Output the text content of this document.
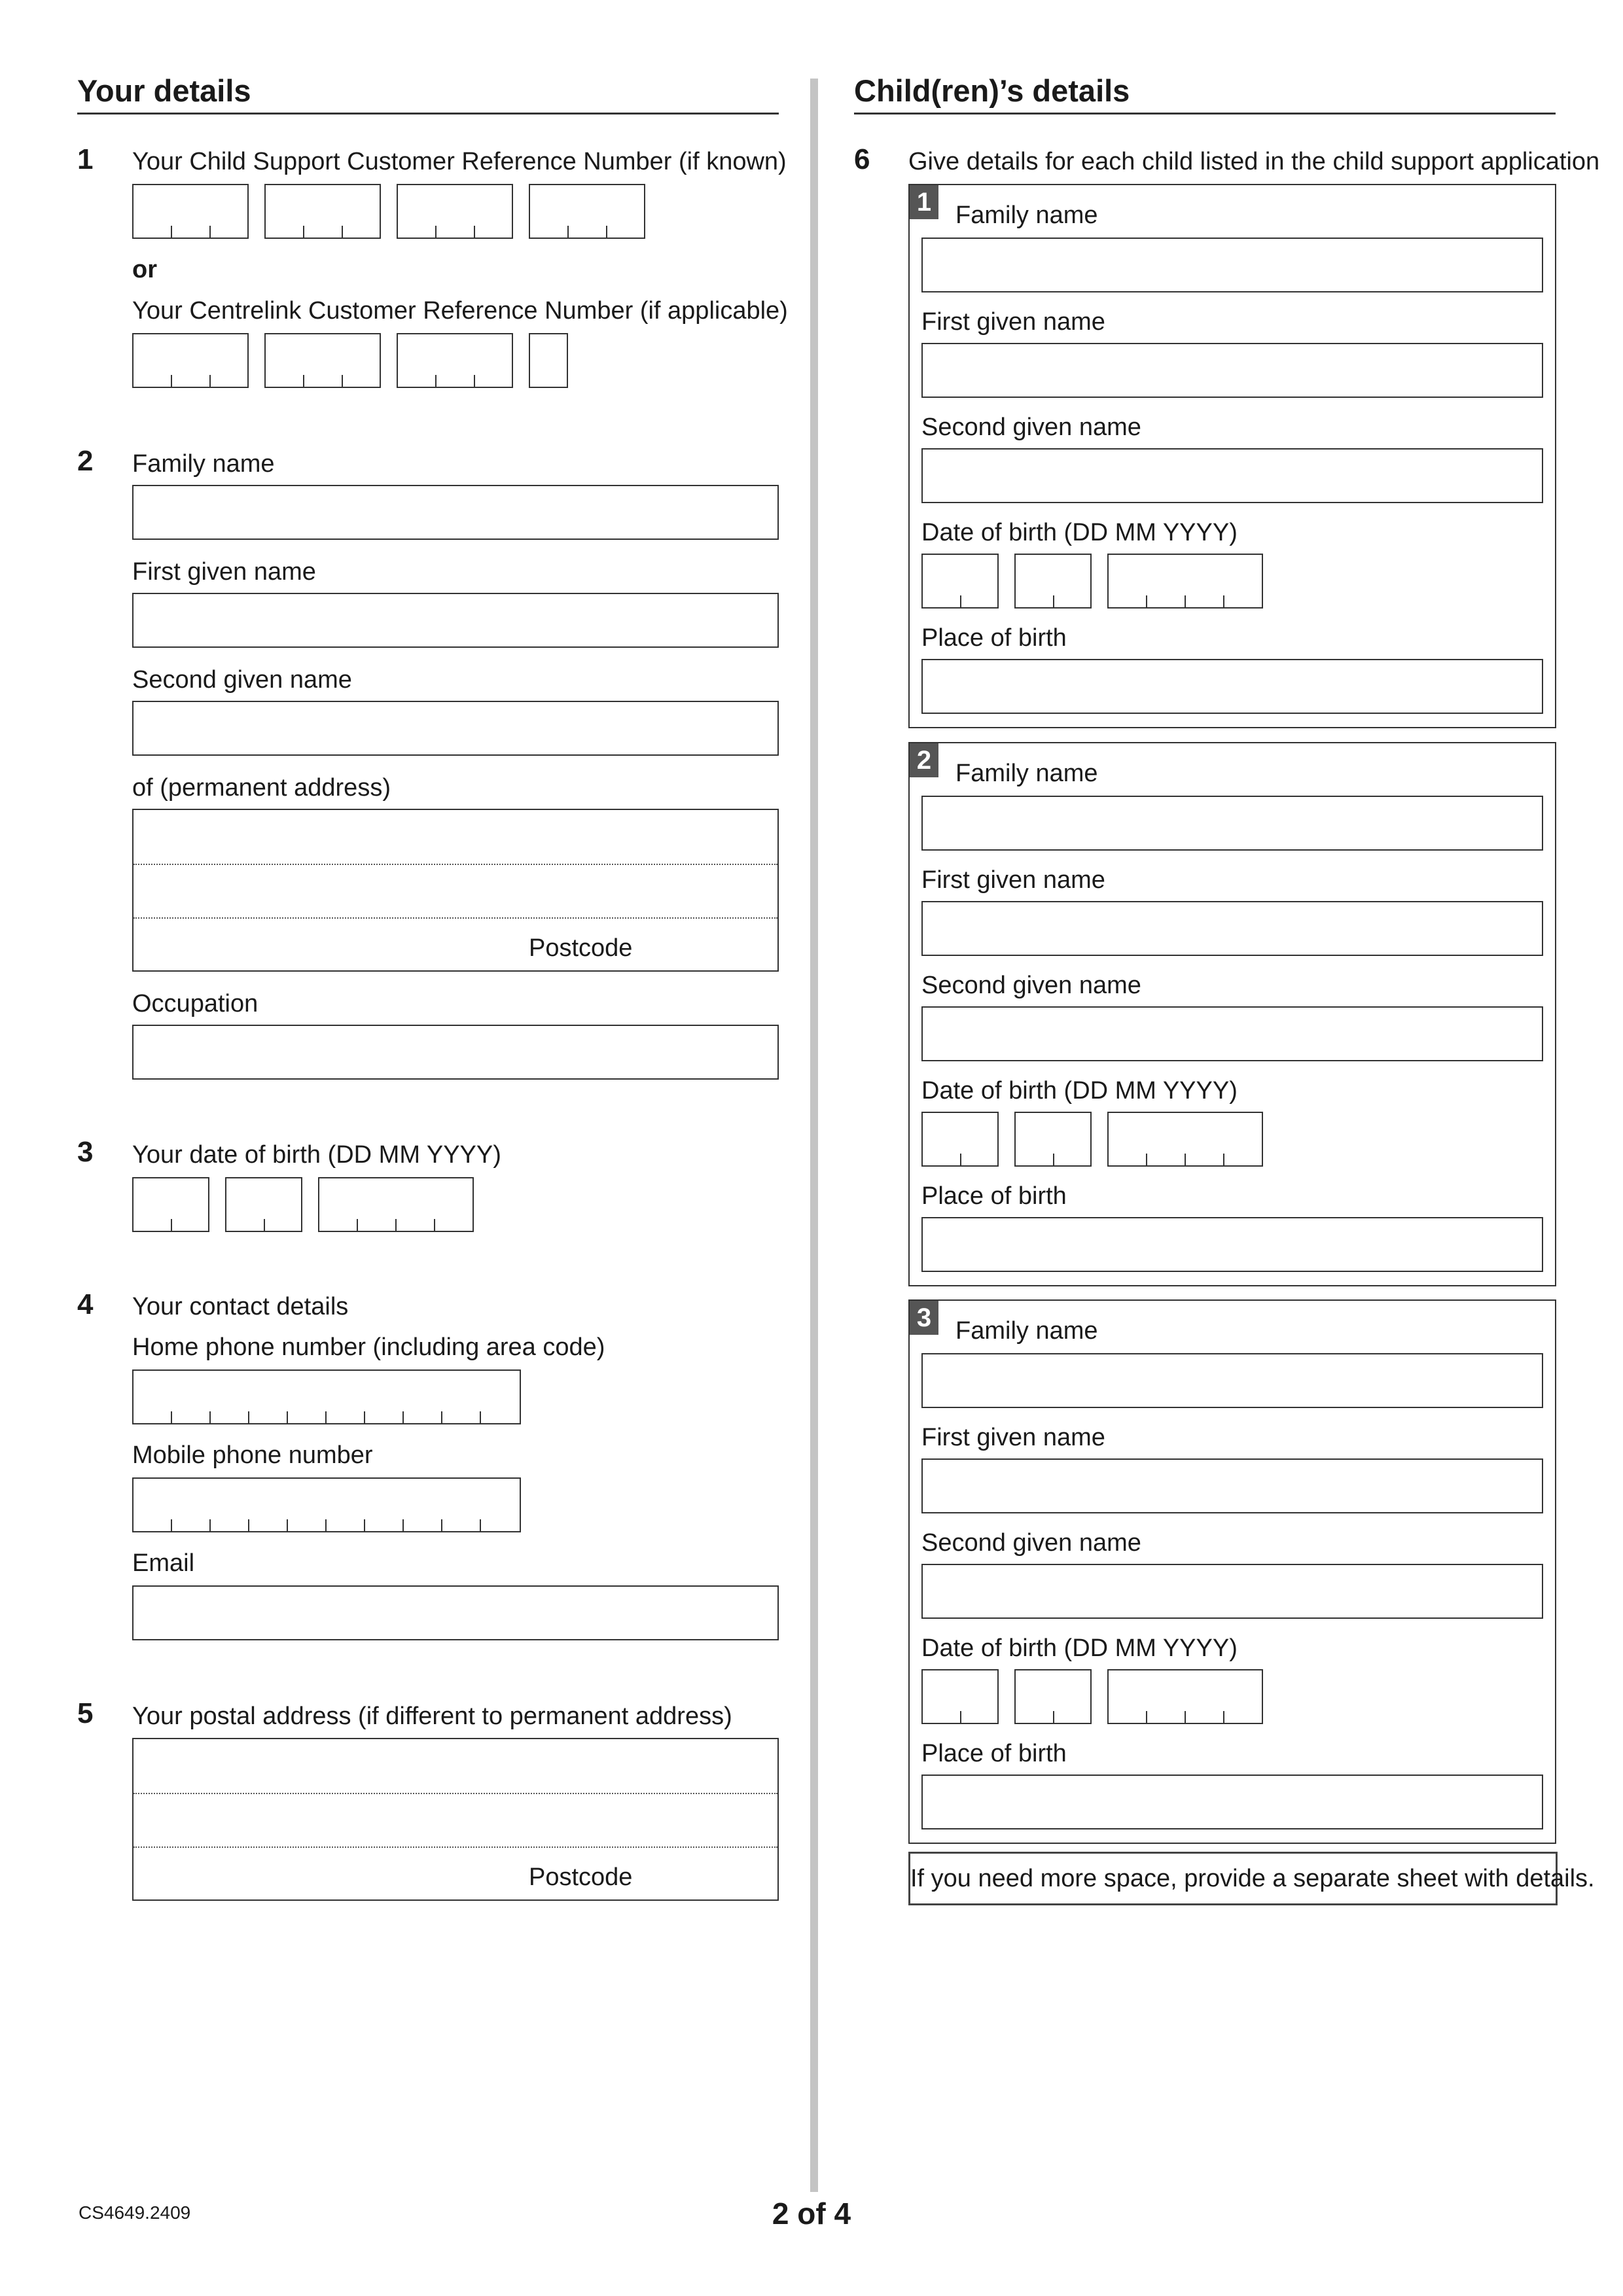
Your details
1 Your Child Support Customer Reference Number (if known)
or
Your Centrelink Customer Reference Number (if applicable)
2 Family name
First given name
Second given name
of (permanent address)
Postcode
Occupation
3 Your date of birth (DD MM YYYY)
4 Your contact details
Home phone number (including area code)
Mobile phone number
Email
5 Your postal address (if different to permanent address)
Postcode
Child(ren)’s details
6 Give details for each child listed in the child support application
1 Family name
First given name
Second given name
Date of birth (DD MM YYYY)
Place of birth
2 Family name
First given name
Second given name
Date of birth (DD MM YYYY)
Place of birth
3 Family name
First given name
Second given name
Date of birth (DD MM YYYY)
Place of birth
If you need more space, provide a separate sheet with details.
CS4649.2409	2 of 4
